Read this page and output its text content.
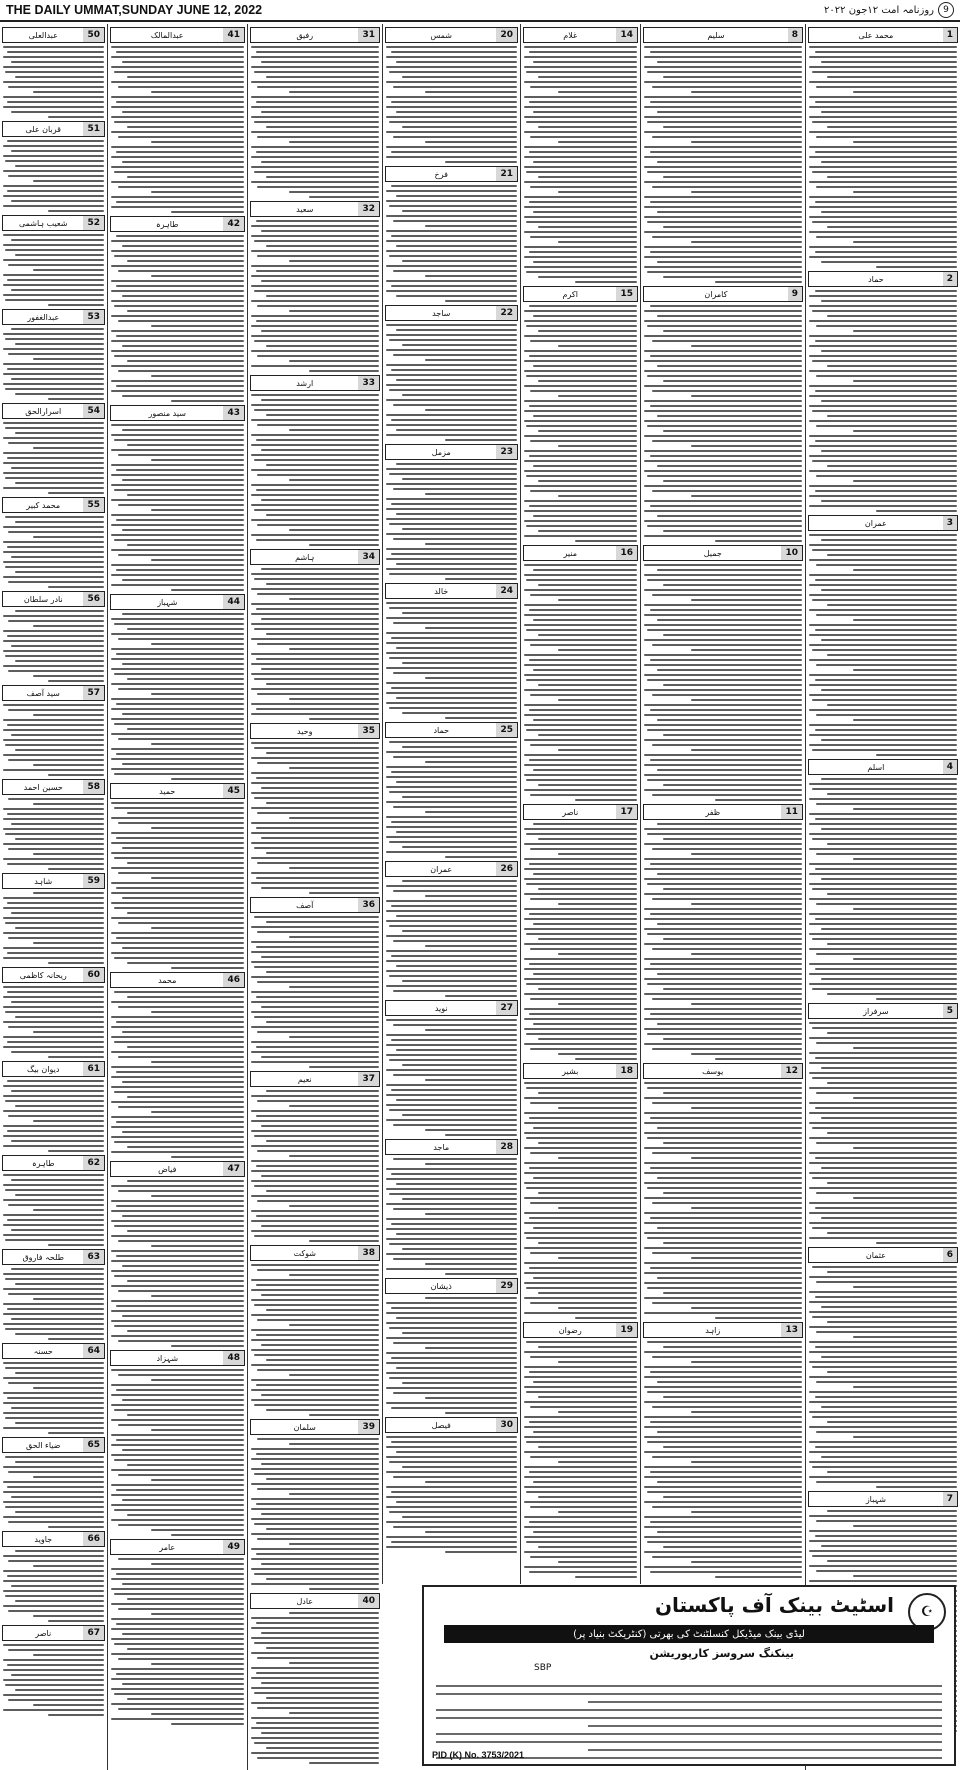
THE DAILY UMMAT,SUNDAY JUNE 12, 2022	روزنامہ امت ۱۲جون ۲۰۲۲	9
عبدالعلی	50
قربان علی	51
شعیب ہاشمی	52
عبدالغفور	53
اسرارالحق	54
محمد کبیر	55
نادر سلطان	56
سید آصف	57
حسین احمد	58
شاہد	59
ریحانہ کاظمی	60
دیوان بیگ	61
طاہرہ	62
طلحہ فاروق	63
حسنہ	64
ضیاء الحق	65
جاوید	66
ناصر	67
عبدالمالک	41
طاہرہ	42
سید منصور	43
شہباز	44
حمید	45
محمد	46
فیاض	47
شہزاد	48
عامر	49
رفیق	31
سعید	32
ارشد	33
ہاشم	34
وحید	35
آصف	36
نعیم	37
شوکت	38
سلمان	39
عادل	40
شمس	20
فرخ	21
ساجد	22
مزمل	23
خالد	24
حماد	25
عمران	26
نوید	27
ماجد	28
ذیشان	29
فیصل	30
غلام	14
اکرم	15
منیر	16
ناصر	17
بشیر	18
رضوان	19
سلیم	8
کامران	9
جمیل	10
ظفر	11
یوسف	12
زاہد	13
محمد علی	1
حماد	2
عمران	3
اسلم	4
سرفراز	5
عثمان	6
شہباز	7
☪
اسٹیٹ بینک آف پاکستان
لیڈی بینک میڈیکل کنسلٹنٹ کی بھرتی (کنٹریکٹ بنیاد پر)
بینکنگ سروسز کارپوریشن
SBP
PID (K) No. 3753/2021
